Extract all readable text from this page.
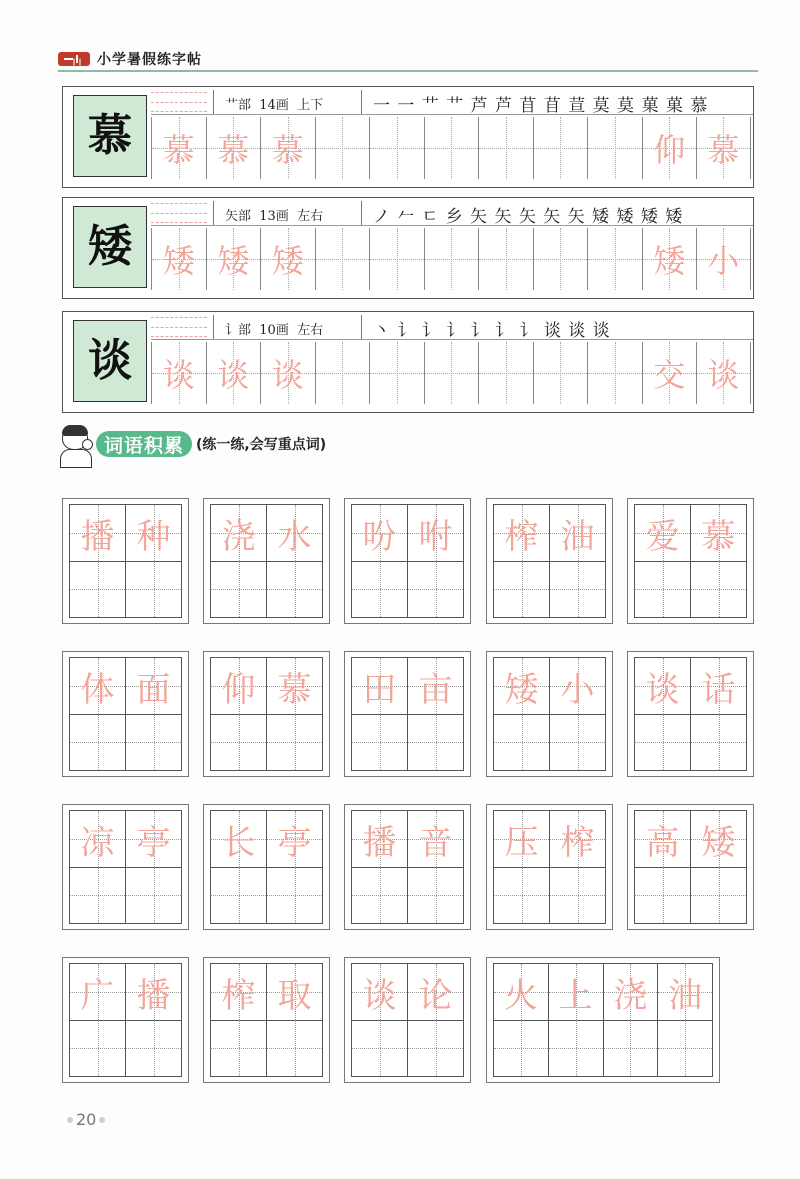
小学暑假练字帖
慕
艹部 14画 上下	一 一 艹 艹 芦 芦 苜 苜 荁 莫 莫 菓 菓 慕
慕 慕 慕	仰 慕
矮
矢部 13画 左右	ノ 𠂉 ㄷ 乡 矢 矢 矢 矢 矢 矮 矮 矮 矮
矮 矮 矮	矮 小
谈
讠部 10画 左右	丶 讠 讠 讠 讠 讠 讠 谈 谈 谈
谈 谈 谈	交 谈
词语积累 (练一练,会写重点词)
播 种	浇 水	吩 咐	榨 油	爱 慕
体 面	仰 慕	田 亩	矮 小	谈 话
凉 亭	长 亭	播 音	压 榨	高 矮
广 播	榨 取	谈 论	火 上 浇 油
20
